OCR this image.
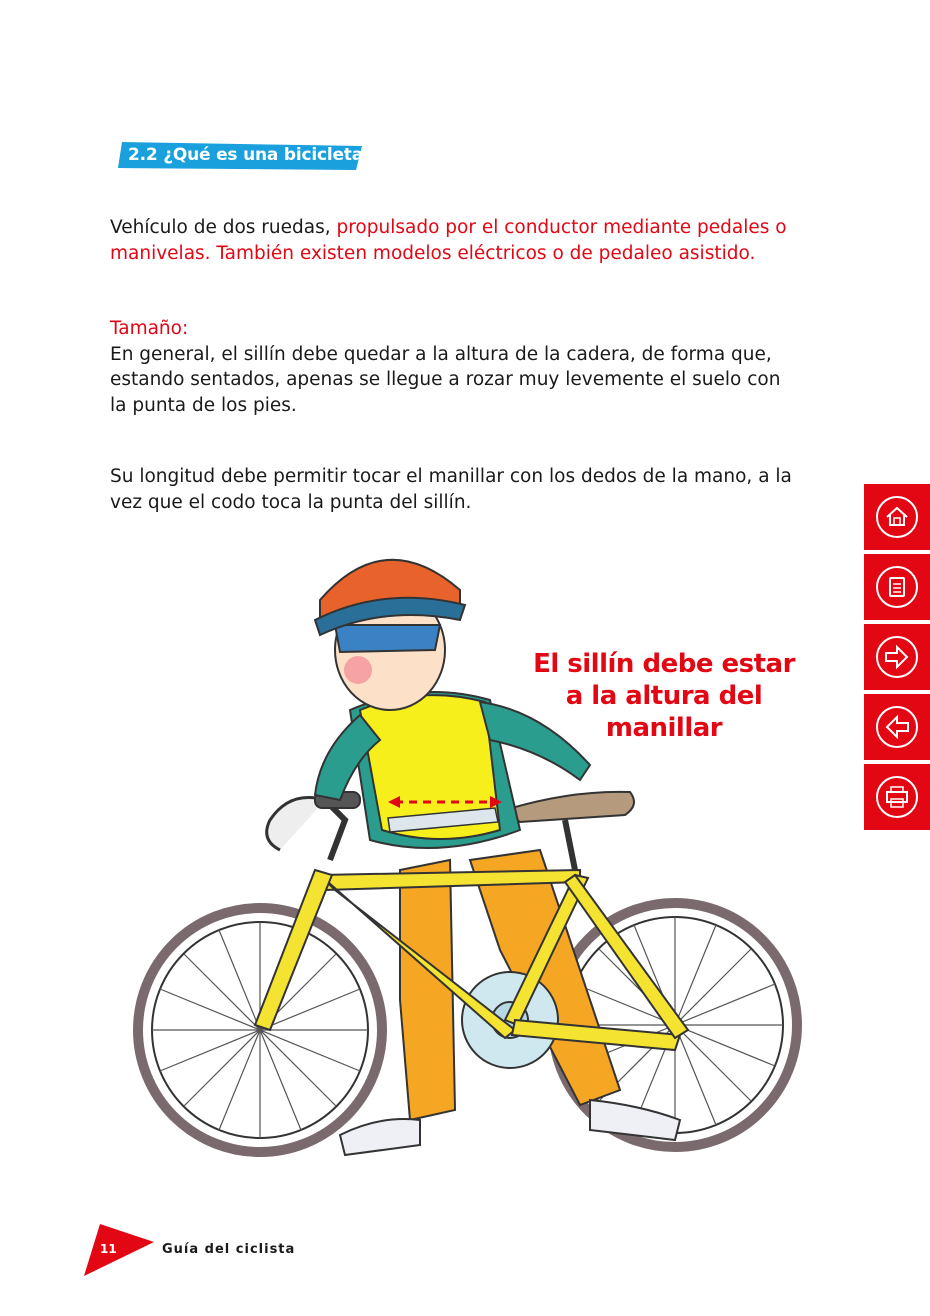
2.2 ¿Qué es una bicicleta?
Vehículo de dos ruedas, propulsado por el conductor mediante pedales o manivelas. También existen modelos eléctricos o de pedaleo asistido.
Tamaño:
En general, el sillín debe quedar a la altura de la cadera, de forma que, estando sentados, apenas se llegue a rozar muy levemente el suelo con la punta de los pies.
Su longitud debe permitir tocar el manillar con los dedos de la mano, a la vez que el codo toca la punta del sillín.
El sillín debe estar
a la altura del manillar
11	Guía del ciclista
